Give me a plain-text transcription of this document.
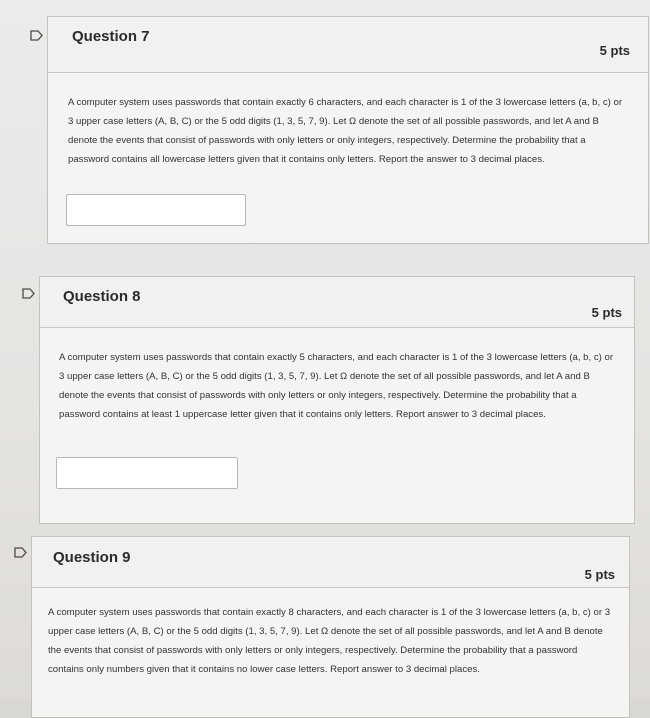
Question 7
5 pts
A computer system uses passwords that contain exactly 6 characters, and each character is 1 of the 3 lowercase letters (a, b, c) or 3 upper case letters (A, B, C) or the 5 odd digits (1, 3, 5, 7, 9). Let Ω denote the set of all possible passwords, and let A and B denote the events that consist of passwords with only letters or only integers, respectively. Determine the probability that a password contains all lowercase letters given that it contains only letters. Report the answer to 3 decimal places.
Question 8
5 pts
A computer system uses passwords that contain exactly 5 characters, and each character is 1 of the 3 lowercase letters (a, b, c) or 3 upper case letters (A, B, C) or the 5 odd digits (1, 3, 5, 7, 9). Let Ω denote the set of all possible passwords, and let A and B denote the events that consist of passwords with only letters or only integers, respectively. Determine the probability that a password contains at least 1 uppercase letter given that it contains only letters. Report answer to 3 decimal places.
Question 9
5 pts
A computer system uses passwords that contain exactly 8 characters, and each character is 1 of the 3 lowercase letters (a, b, c) or 3 upper case letters (A, B, C) or the 5 odd digits (1, 3, 5, 7, 9). Let Ω denote the set of all possible passwords, and let A and B denote the events that consist of passwords with only letters or only integers, respectively. Determine the probability that a password contains only numbers given that it contains no lower case letters. Report answer to 3 decimal places.
